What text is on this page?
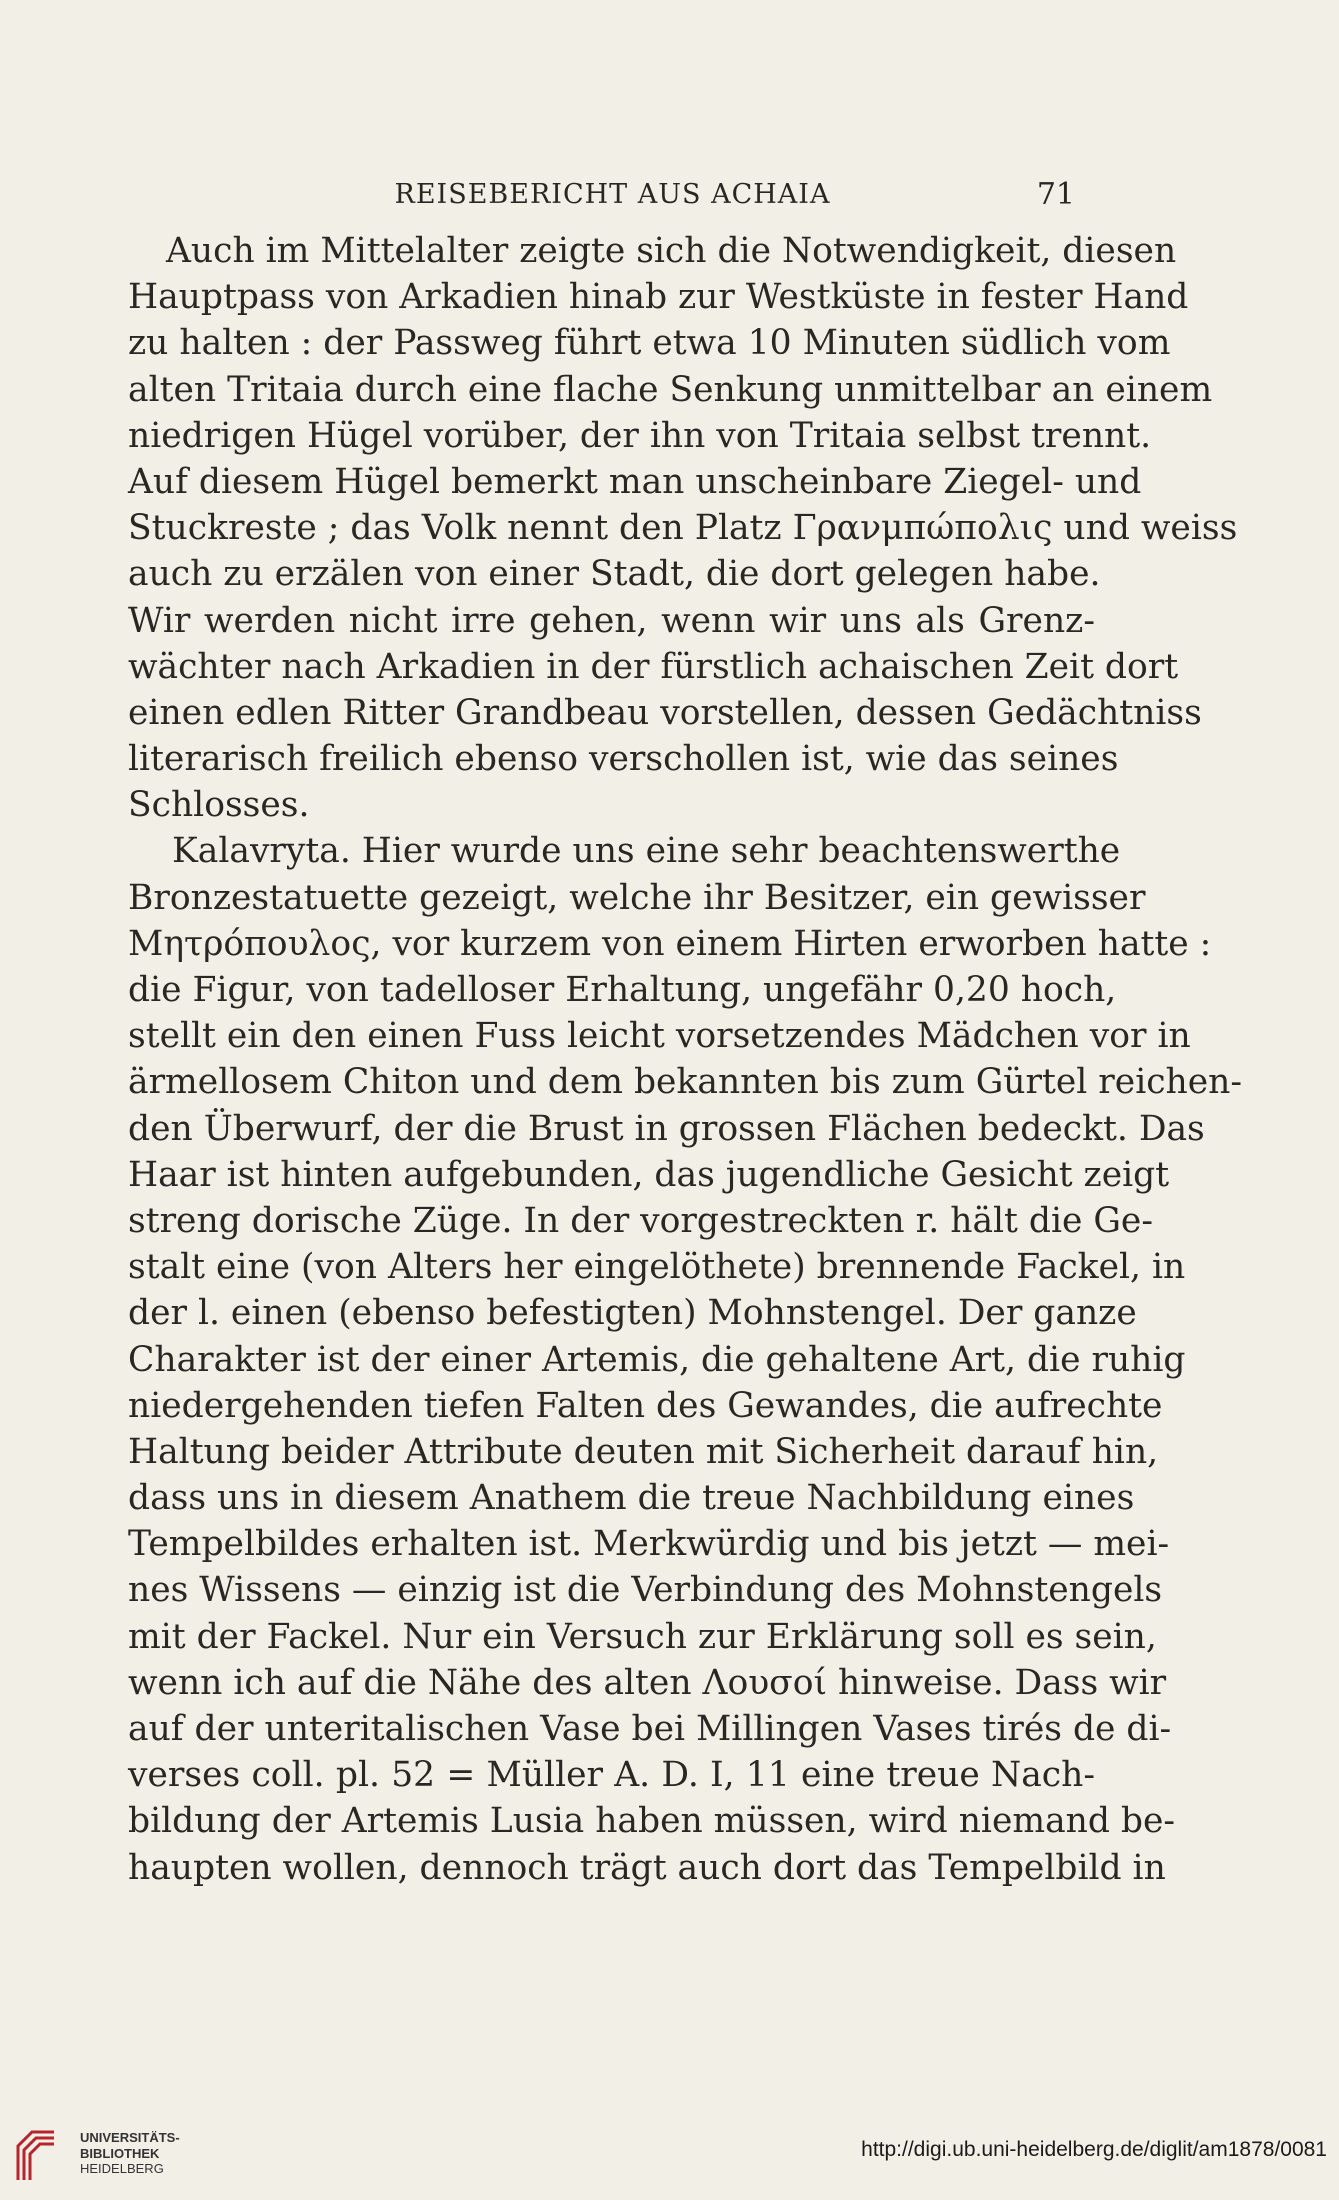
REISEBERICHT AUS ACHAIA	71
Auch im Mittelalter zeigte sich die Notwendigkeit, diesen
Hauptpass von Arkadien hinab zur Westküste in fester Hand
zu halten : der Passweg führt etwa 10 Minuten südlich vom
alten Tritaia durch eine flache Senkung unmittelbar an einem
niedrigen Hügel vorüber, der ihn von Tritaia selbst trennt.
Auf diesem Hügel bemerkt man unscheinbare Ziegel- und
Stuckreste ; das Volk nennt den Platz Γρανμπώπολις und weiss
auch zu erzälen von einer Stadt, die dort gelegen habe.
Wir werden nicht irre gehen, wenn wir uns als Grenz-
wächter nach Arkadien in der fürstlich achaischen Zeit dort
einen edlen Ritter Grandbeau vorstellen, dessen Gedächtniss
literarisch freilich ebenso verschollen ist, wie das seines
Schlosses.
Kalavryta. Hier wurde uns eine sehr beachtenswerthe
Bronzestatuette gezeigt, welche ihr Besitzer, ein gewisser
Μητρόπουλος, vor kurzem von einem Hirten erworben hatte :
die Figur, von tadelloser Erhaltung, ungefähr 0,20 hoch,
stellt ein den einen Fuss leicht vorsetzendes Mädchen vor in
ärmellosem Chiton und dem bekannten bis zum Gürtel reichen-
den Überwurf, der die Brust in grossen Flächen bedeckt. Das
Haar ist hinten aufgebunden, das jugendliche Gesicht zeigt
streng dorische Züge. In der vorgestreckten r. hält die Ge-
stalt eine (von Alters her eingelöthete) brennende Fackel, in
der l. einen (ebenso befestigten) Mohnstengel. Der ganze
Charakter ist der einer Artemis, die gehaltene Art, die ruhig
niedergehenden tiefen Falten des Gewandes, die aufrechte
Haltung beider Attribute deuten mit Sicherheit darauf hin,
dass uns in diesem Anathem die treue Nachbildung eines
Tempelbildes erhalten ist. Merkwürdig und bis jetzt — mei-
nes Wissens — einzig ist die Verbindung des Mohnstengels
mit der Fackel. Nur ein Versuch zur Erklärung soll es sein,
wenn ich auf die Nähe des alten Λουσοί hinweise. Dass wir
auf der unteritalischen Vase bei Millingen Vases tirés de di-
verses coll. pl. 52 = Müller A. D. I, 11 eine treue Nach-
bildung der Artemis Lusia haben müssen, wird niemand be-
haupten wollen, dennoch trägt auch dort das Tempelbild in
UNIVERSITÄTS-
BIBLIOTHEK
HEIDELBERG
http://digi.ub.uni-heidelberg.de/diglit/am1878/0081
